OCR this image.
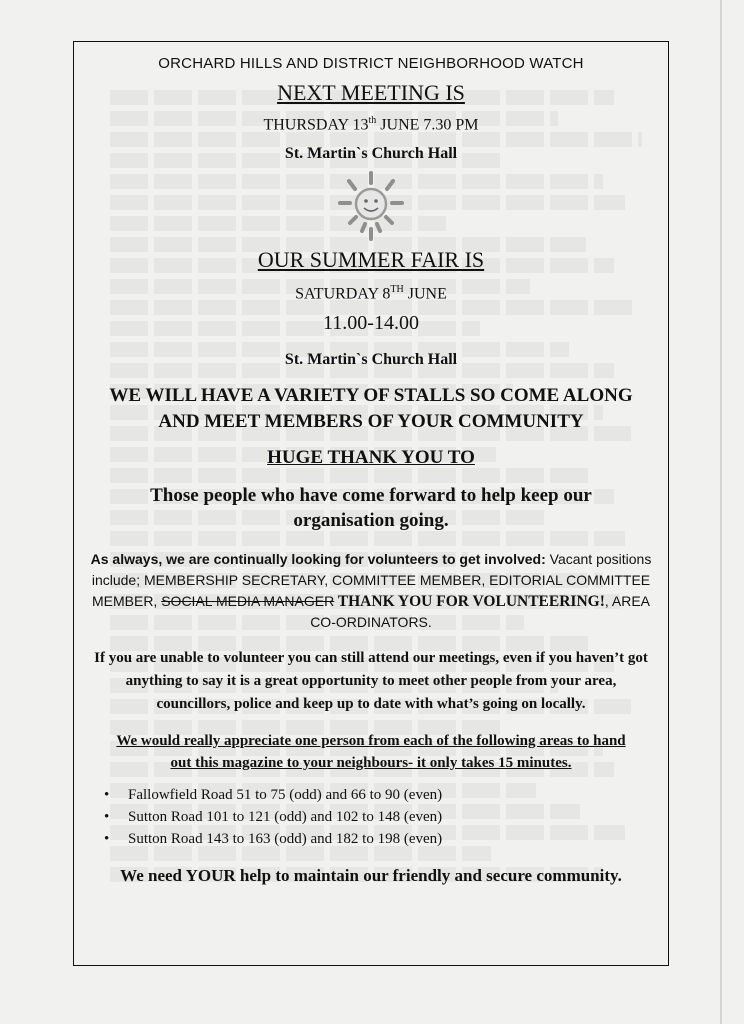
ORCHARD HILLS AND DISTRICT NEIGHBORHOOD WATCH
NEXT MEETING IS
THURSDAY 13th JUNE 7.30 PM
St. Martin`s Church Hall
OUR SUMMER FAIR IS
SATURDAY 8TH JUNE
11.00-14.00
St. Martin`s Church Hall
WE WILL HAVE A VARIETY OF STALLS SO COME ALONG AND MEET MEMBERS OF YOUR COMMUNITY
HUGE THANK YOU TO
Those people who have come forward to help keep our organisation going.
As always, we are continually looking for volunteers to get involved: Vacant positions include; MEMBERSHIP SECRETARY, COMMITTEE MEMBER, EDITORIAL COMMITTEE MEMBER, SOCIAL MEDIA MANAGER THANK YOU FOR VOLUNTEERING!, AREA CO-ORDINATORS.
If you are unable to volunteer you can still attend our meetings, even if you haven’t got anything to say it is a great opportunity to meet other people from your area, councillors, police and keep up to date with what’s going on locally.
We would really appreciate one person from each of the following areas to hand out this magazine to your neighbours- it only takes 15 minutes.
•	Fallowfield Road 51 to 75 (odd) and 66 to 90 (even)
•	Sutton Road 101 to 121 (odd) and 102 to 148 (even)
•	Sutton Road 143 to 163 (odd) and 182 to 198 (even)
We need YOUR help to maintain our friendly and secure community.
